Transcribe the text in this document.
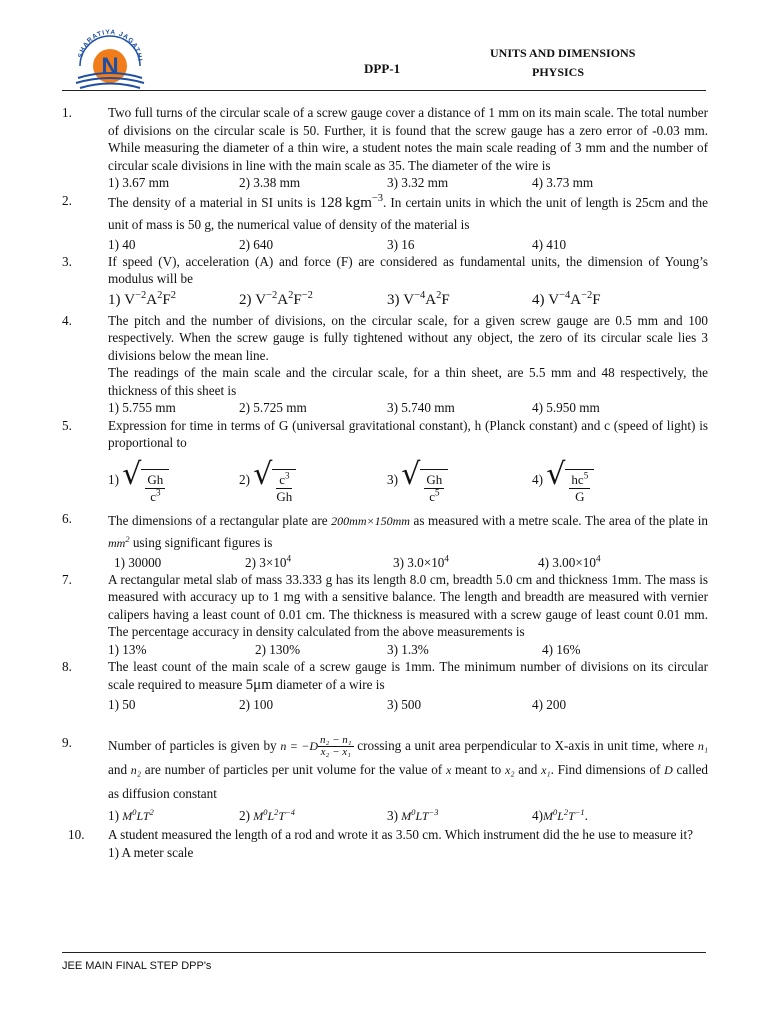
SHARATIYA JAGATHI
N	UNITS AND DIMENSIONS
PHYSICS
DPP-1
1.	Two full turns of the circular scale of a screw gauge cover a distance of 1 mm on its main scale. The total number of divisions on the circular scale is 50. Further, it is found that the screw gauge has a zero error of -0.03 mm. While measuring the diameter of a thin wire, a student notes the main scale reading of 3 mm and the number of circular scale divisions in line with the main scale as 35. The diameter of the wire is
1) 3.67 mm	2) 3.38 mm	3) 3.32 mm	4) 3.73 mm
2.	The density of a material in SI units is 128  kgm$^{-3}$. In certain units in which the unit of length is 25cm and the unit of mass is 50 g, the numerical value of density of the material is
1) 40	2) 640	3) 16	4) 410
3.	If speed (V), acceleration (A) and force (F) are considered as fundamental units, the dimension of Young’s modulus will be
1) $V^{-2}A^2F^2$	2) $V^{-2}A^2F^{-2}$	3) $V^{-4}A^2F$	4) $V^{-4}A^{-2}F$
4.	The pitch and the number of divisions, on the circular scale, for a given screw gauge are 0.5 mm and 100 respectively. When the screw gauge is fully tightened without any object, the zero of its circular scale lies 3 divisions below the mean line.
The readings of the main scale and the circular scale, for a thin sheet, are 5.5 mm and 48 respectively, the thickness of this sheet is
1) 5.755 mm	2) 5.725 mm	3) 5.740 mm	4) 5.950 mm
5.	Expression for time in terms of G (universal gravitational constant), h (Planck constant) and c (speed of light) is proportional to
1) √ $\frac{Gh}{c^3}$	2) √ $\frac{c^3}{Gh}$	3) √ $\frac{Gh}{c^5}$	4) √ $\frac{hc^5}{G}$
6.	The dimensions of a rectangular plate are 200mm×150mm as measured with a metre scale. The area of the plate in $mm^2$ using significant figures is
1) 30000	2) $3\times 10^4$	3) $3.0\times 10^4$	4) $3.00\times 10^4$
7.	A rectangular metal slab of mass 33.333 g has its length 8.0 cm, breadth 5.0 cm and thickness 1mm. The mass is measured with accuracy up to 1 mg with a sensitive balance. The length and breadth are measured with vernier calipers having a least count of 0.01 cm. The thickness is measured with a screw gauge of least count 0.01 mm. The percentage accuracy in density calculated from the above measurements is
1) 13%	2) 130%	3) 1.3%	4) 16%
8.	The least count of the main scale of a screw gauge is 1mm. The minimum number of divisions on its circular scale required to measure 5μm diameter of a wire is
1) 50	2) 100	3) 500	4) 200
9.	Number of particles is given by $n = -D \frac{\text{n₂ − n₁}}{\text{x₂ − x₁}}$ crossing a unit area perpendicular to X-axis in unit time, where n₁ and n₂ are number of particles per unit volume for the value of x meant to x₂ and x₁. Find dimensions of D called as diffusion constant
1) $M^0LT^2$	2) $M^0L^2T^{-4}$	3) $M^0LT^{-3}$	$4)M^0L^2T^{-1}$.
10.	A student measured the length of a rod and wrote it as 3.50 cm. Which instrument did the he use to measure it?
1) A meter scale
JEE MAIN FINAL STEP DPP's
